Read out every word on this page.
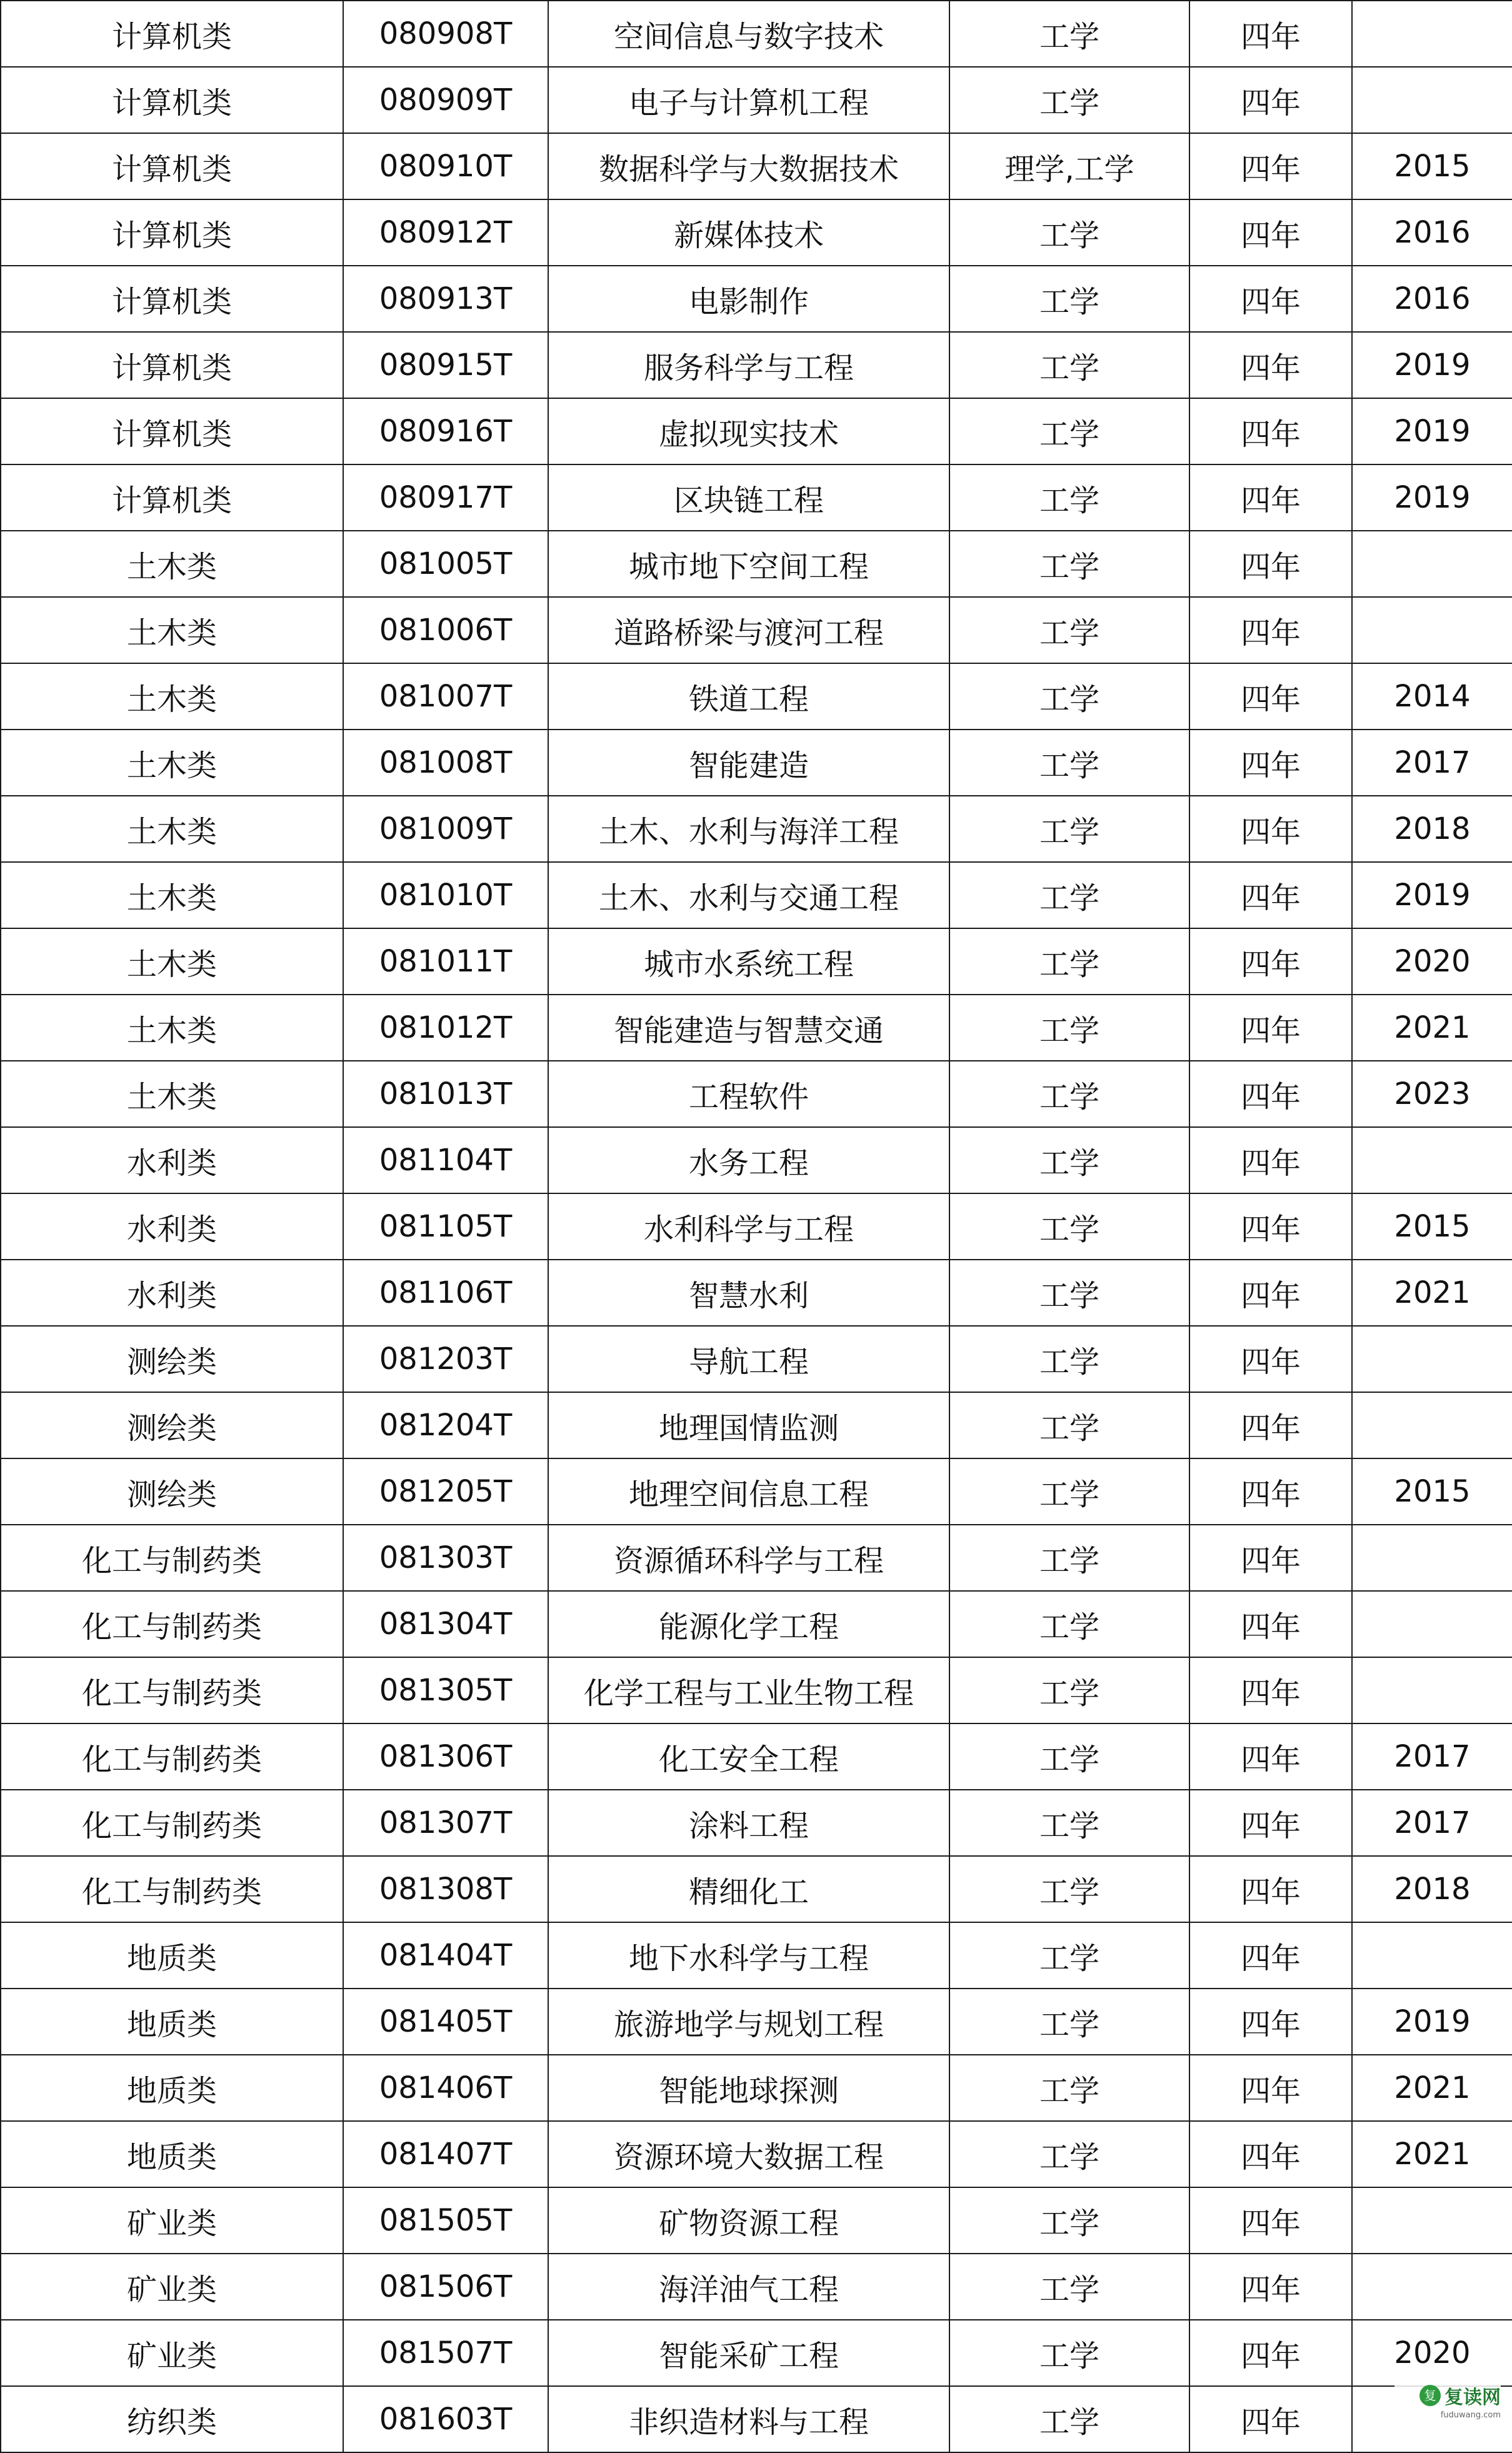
计算机类	080908T	空间信息与数字技术	工学	四年	
计算机类	080909T	电子与计算机工程	工学	四年	
计算机类	080910T	数据科学与大数据技术	理学,工学	四年	2015
计算机类	080912T	新媒体技术	工学	四年	2016
计算机类	080913T	电影制作	工学	四年	2016
计算机类	080915T	服务科学与工程	工学	四年	2019
计算机类	080916T	虚拟现实技术	工学	四年	2019
计算机类	080917T	区块链工程	工学	四年	2019
土木类	081005T	城市地下空间工程	工学	四年	
土木类	081006T	道路桥梁与渡河工程	工学	四年	
土木类	081007T	铁道工程	工学	四年	2014
土木类	081008T	智能建造	工学	四年	2017
土木类	081009T	土木、水利与海洋工程	工学	四年	2018
土木类	081010T	土木、水利与交通工程	工学	四年	2019
土木类	081011T	城市水系统工程	工学	四年	2020
土木类	081012T	智能建造与智慧交通	工学	四年	2021
土木类	081013T	工程软件	工学	四年	2023
水利类	081104T	水务工程	工学	四年	
水利类	081105T	水利科学与工程	工学	四年	2015
水利类	081106T	智慧水利	工学	四年	2021
测绘类	081203T	导航工程	工学	四年	
测绘类	081204T	地理国情监测	工学	四年	
测绘类	081205T	地理空间信息工程	工学	四年	2015
化工与制药类	081303T	资源循环科学与工程	工学	四年	
化工与制药类	081304T	能源化学工程	工学	四年	
化工与制药类	081305T	化学工程与工业生物工程	工学	四年	
化工与制药类	081306T	化工安全工程	工学	四年	2017
化工与制药类	081307T	涂料工程	工学	四年	2017
化工与制药类	081308T	精细化工	工学	四年	2018
地质类	081404T	地下水科学与工程	工学	四年	
地质类	081405T	旅游地学与规划工程	工学	四年	2019
地质类	081406T	智能地球探测	工学	四年	2021
地质类	081407T	资源环境大数据工程	工学	四年	2021
矿业类	081505T	矿物资源工程	工学	四年	
矿业类	081506T	海洋油气工程	工学	四年	
矿业类	081507T	智能采矿工程	工学	四年	2020
纺织类	081603T	非织造材料与工程	工学	四年	
复 复读网
fuduwang.com
